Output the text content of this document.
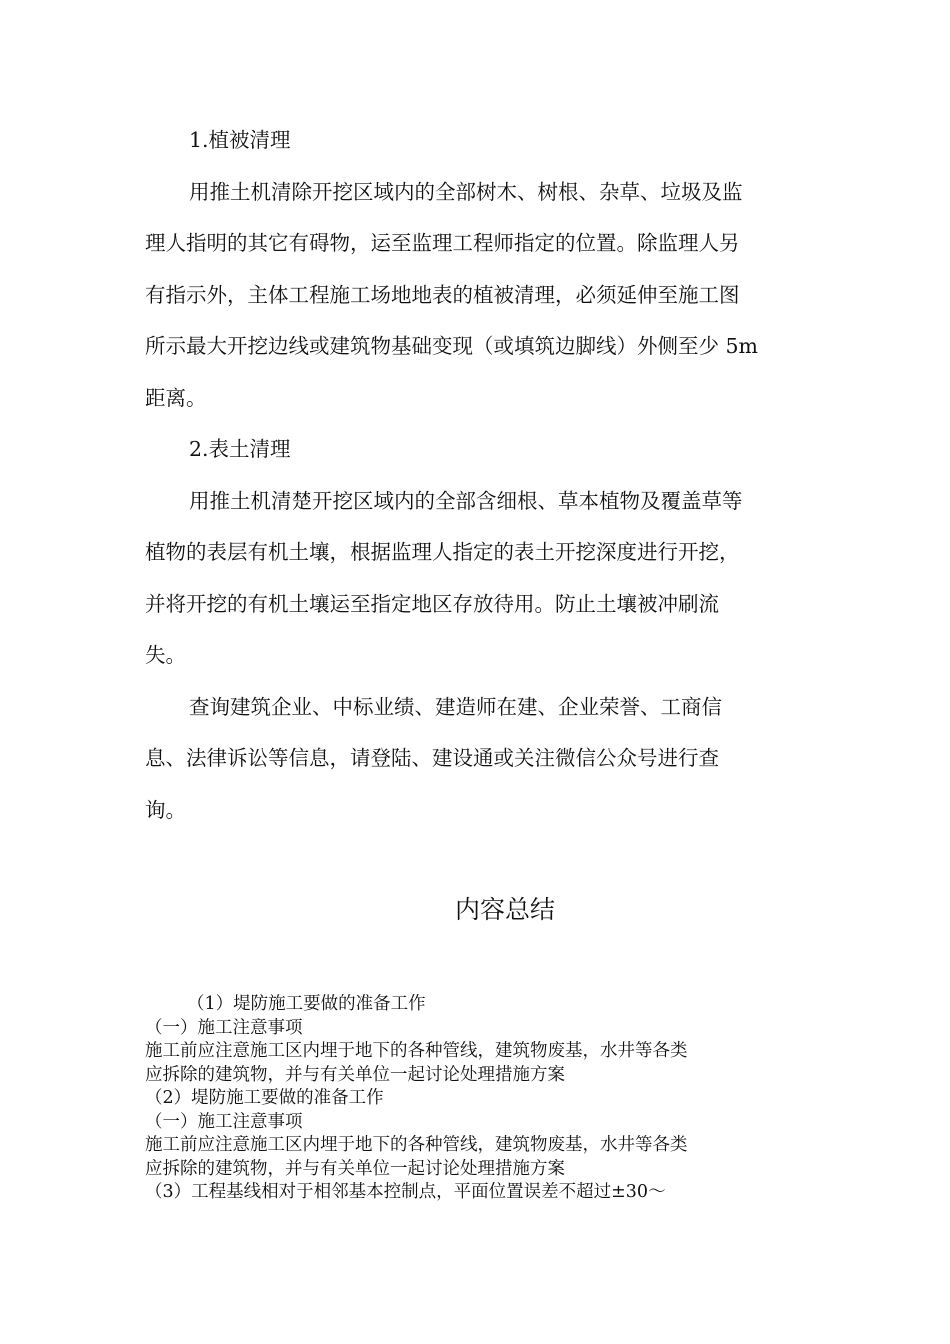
1.植被清理

用推土机清除开挖区域内的全部树木、树根、杂草、垃圾及监

理人指明的其它有碍物，运至监理工程师指定的位置。除监理人另

有指示外，主体工程施工场地地表的植被清理，必须延伸至施工图

所示最大开挖边线或建筑物基础变现（或填筑边脚线）外侧至少 5m

距离。

2.表土清理

用推土机清楚开挖区域内的全部含细根、草本植物及覆盖草等

植物的表层有机土壤，根据监理人指定的表土开挖深度进行开挖，

并将开挖的有机土壤运至指定地区存放待用。防止土壤被冲刷流

失。

查询建筑企业、中标业绩、建造师在建、企业荣誉、工商信

息、法律诉讼等信息，请登陆、建设通或关注微信公众号进行查

询。

内容总结

（1）堤防施工要做的准备工作

（一）施工注意事项

施工前应注意施工区内埋于地下的各种管线，建筑物废基，水井等各类

应拆除的建筑物，并与有关单位一起讨论处理措施方案

（2）堤防施工要做的准备工作

（一）施工注意事项

施工前应注意施工区内埋于地下的各种管线，建筑物废基，水井等各类

应拆除的建筑物，并与有关单位一起讨论处理措施方案

（3）工程基线相对于相邻基本控制点，平面位置误差不超过±30～
